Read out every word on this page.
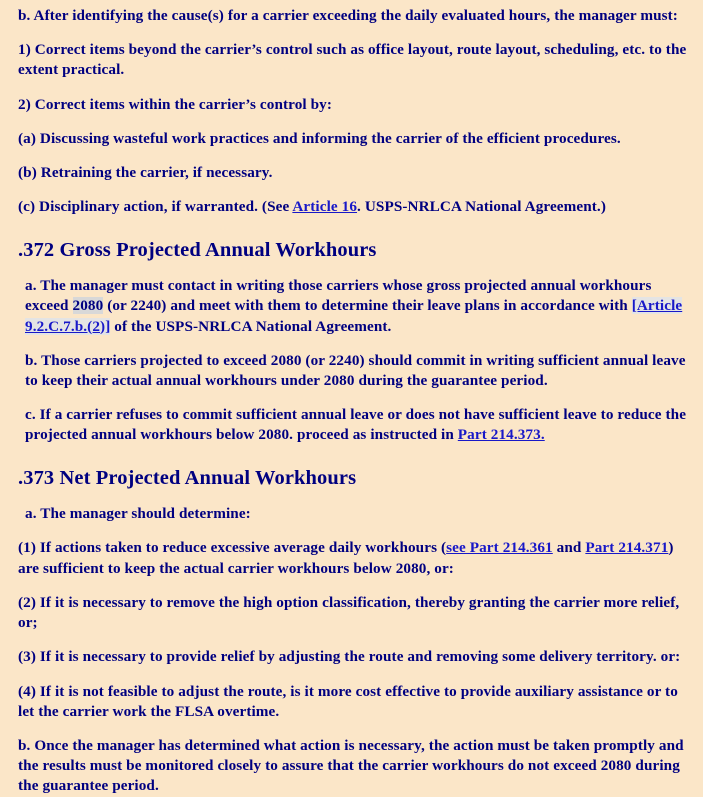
b. After identifying the cause(s) for a carrier exceeding the daily evaluated hours, the manager must:

1) Correct items beyond the carrier’s control such as office layout, route layout, scheduling, etc. to the extent practical.

2) Correct items within the carrier’s control by:

(a) Discussing wasteful work practices and informing the carrier of the efficient procedures.

(b) Retraining the carrier, if necessary.

(c) Disciplinary action, if warranted. (See Article 16. USPS-NRLCA National Agreement.)

.372 Gross Projected Annual Workhours

a. The manager must contact in writing those carriers whose gross projected annual workhours exceed 2080 (or 2240) and meet with them to determine their leave plans in accordance with [Article 9.2.C.7.b.(2)] of the USPS-NRLCA National Agreement.

b. Those carriers projected to exceed 2080 (or 2240) should commit in writing sufficient annual leave to keep their actual annual workhours under 2080 during the guarantee period.

c. If a carrier refuses to commit sufficient annual leave or does not have sufficient leave to reduce the projected annual workhours below 2080. proceed as instructed in Part 214.373.

.373 Net Projected Annual Workhours

a. The manager should determine:

(1) If actions taken to reduce excessive average daily workhours (see Part 214.361 and Part 214.371) are sufficient to keep the actual carrier workhours below 2080, or:

(2) If it is necessary to remove the high option classification, thereby granting the carrier more relief, or;

(3) If it is necessary to provide relief by adjusting the route and removing some delivery territory. or:

(4) If it is not feasible to adjust the route, is it more cost effective to provide auxiliary assistance or to let the carrier work the FLSA overtime.

b. Once the manager has determined what action is necessary, the action must be taken promptly and the results must be monitored closely to assure that the carrier workhours do not exceed 2080 during the guarantee period.
